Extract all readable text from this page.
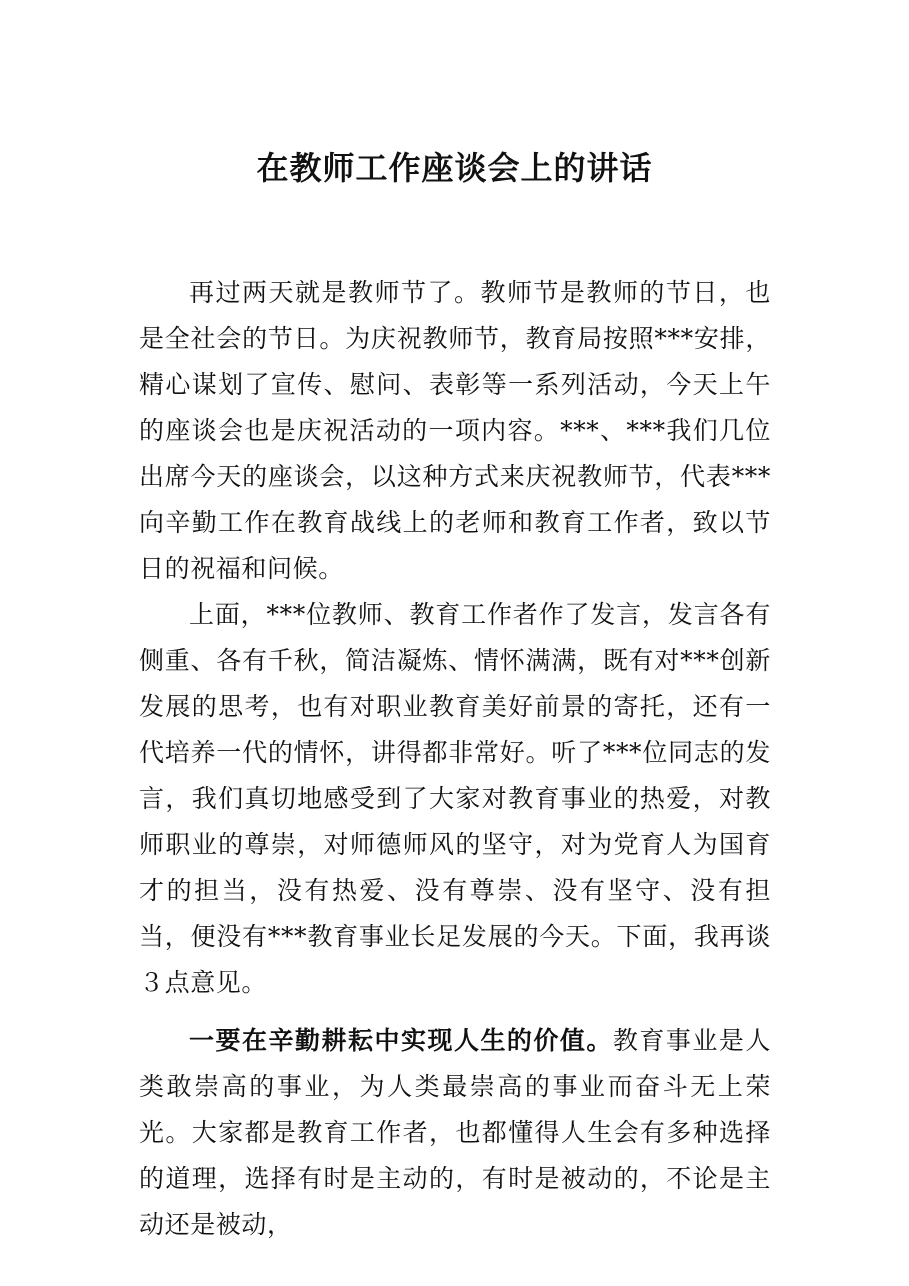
在教师工作座谈会上的讲话

再过两天就是教师节了。教师节是教师的节日，也是全社会的节日。为庆祝教师节，教育局按照***安排，精心谋划了宣传、慰问、表彰等一系列活动，今天上午的座谈会也是庆祝活动的一项内容。***、***我们几位出席今天的座谈会，以这种方式来庆祝教师节，代表***向辛勤工作在教育战线上的老师和教育工作者，致以节日的祝福和问候。

上面，***位教师、教育工作者作了发言，发言各有侧重、各有千秋，简洁凝炼、情怀满满，既有对***创新发展的思考，也有对职业教育美好前景的寄托，还有一代培养一代的情怀，讲得都非常好。听了***位同志的发言，我们真切地感受到了大家对教育事业的热爱，对教师职业的尊崇，对师德师风的坚守，对为党育人为国育才的担当，没有热爱、没有尊崇、没有坚守、没有担当，便没有***教育事业长足发展的今天。下面，我再谈３点意见。

一要在辛勤耕耘中实现人生的价值。教育事业是人类敢崇高的事业，为人类最崇高的事业而奋斗无上荣光。大家都是教育工作者，也都懂得人生会有多种选择的道理，选择有时是主动的，有时是被动的，不论是主动还是被动，
